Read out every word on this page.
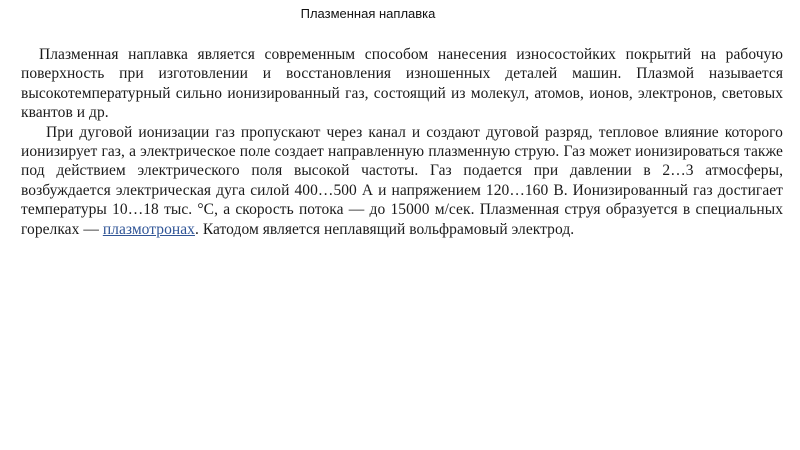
Плазменная наплавка

Плазменная наплавка является современным способом нанесения износостойких покрытий на рабочую поверхность при изготовлении и восстановления изношенных деталей машин. Плазмой называется высокотемпературный сильно ионизированный газ, состоящий из молекул, атомов, ионов, электронов, световых квантов и др.

При дуговой ионизации газ пропускают через канал и создают дуговой разряд, тепловое влияние которого ионизирует газ, а электрическое поле создает направленную плазменную струю. Газ может ионизироваться также под действием электрического поля высокой частоты. Газ подается при давлении в 2…3 атмосферы, возбуждается электрическая дуга силой 400…500 А и напряжением 120…160 В. Ионизированный газ достигает температуры 10…18 тыс. °С, а скорость потока — до 15000 м/сек. Плазменная струя образуется в специальных горелках — плазмотронах. Катодом является неплавящий вольфрамовый электрод.
